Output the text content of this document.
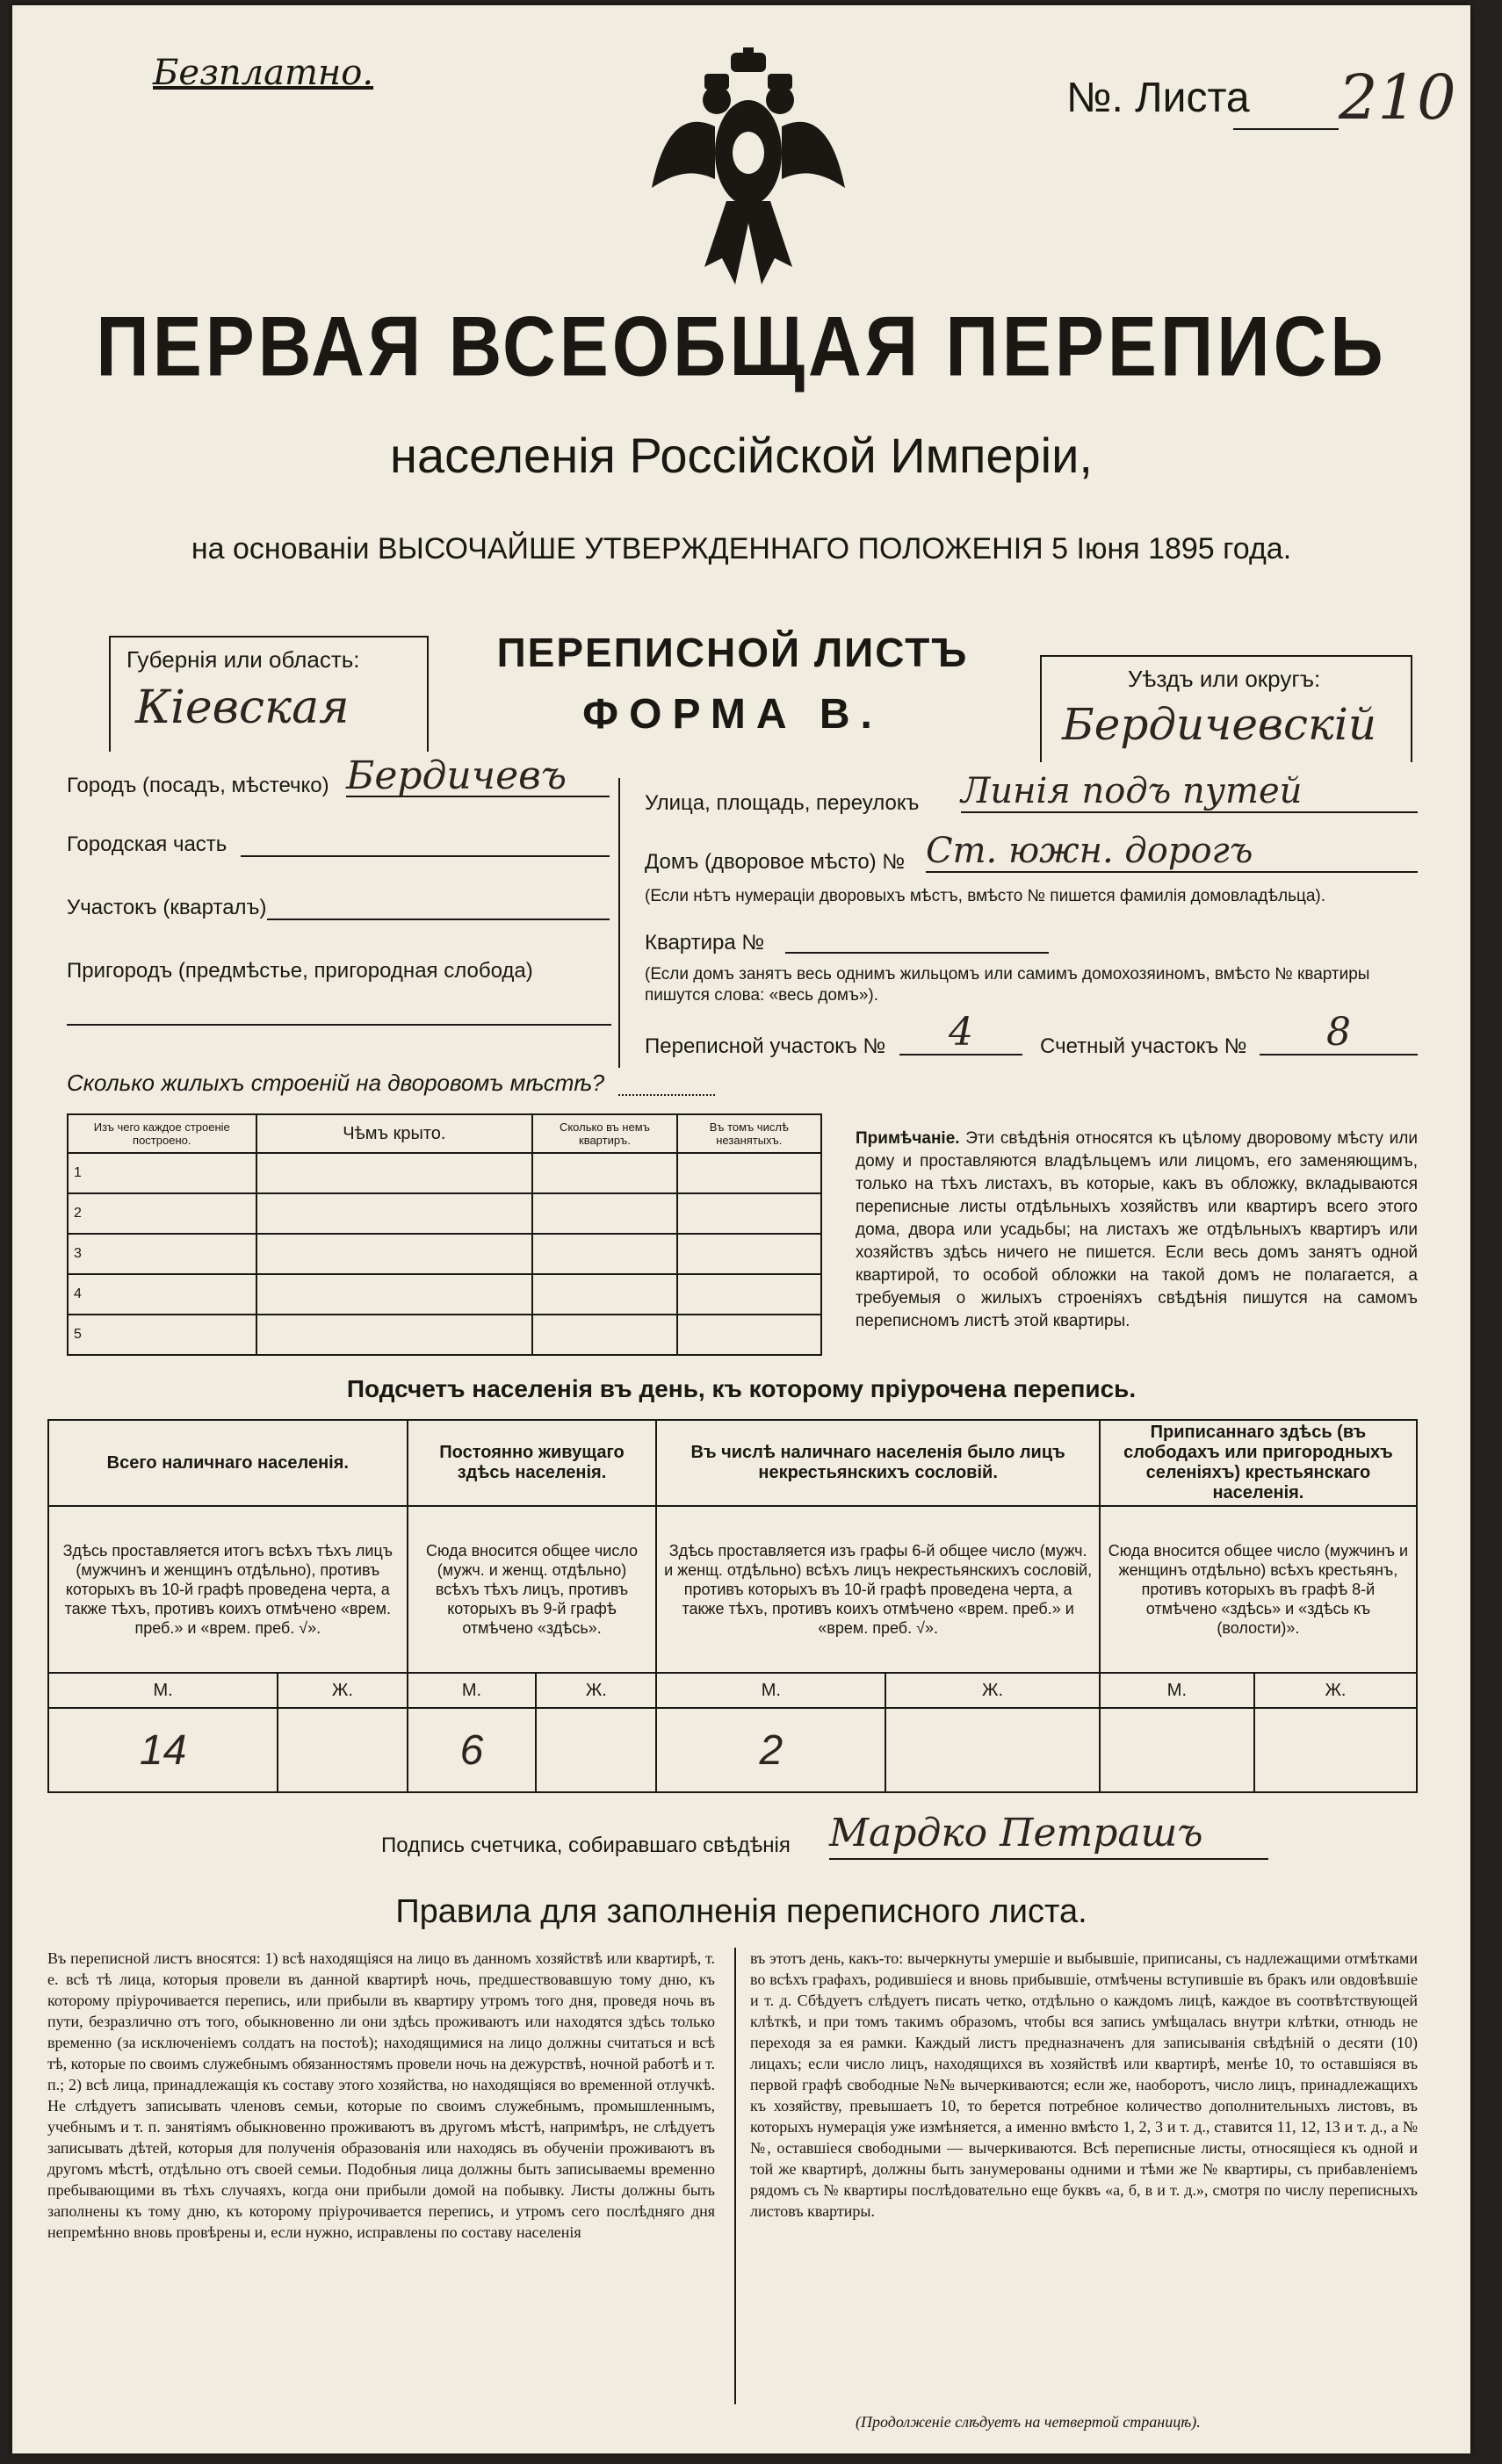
Безплатно.
№. Листа 210
ПЕРВАЯ ВСЕОБЩАЯ ПЕРЕПИСЬ
населенія Россійской Имперіи,
на основаніи ВЫСОЧАЙШЕ УТВЕРЖДЕННАГО ПОЛОЖЕНІЯ 5 Іюня 1895 года.
Губернія или область:
Кіевская
ПЕРЕПИСНОЙ ЛИСТЪ
ФОРМА В.
Уѣздъ или округъ:
Бердичевскій
Городъ (посадъ, мѣстечко) Бердичевъ
Городская часть
Участокъ (кварталъ)
Пригородъ (предмѣстье, пригородная слобода)
Улица, площадь, переулокъ Линія подъ путей
Домъ (дворовое мѣсто) № Ст. южн. дорогъ
(Если нѣтъ нумераціи дворовыхъ мѣстъ, вмѣсто № пишется фамилія домовладѣльца).
Квартира №
(Если домъ занятъ весь однимъ жильцомъ или самимъ домохозяиномъ, вмѣсто № квартиры пишутся слова: «весь домъ»).
Переписной участокъ №	4	Счетный участокъ №	8
Сколько жилыхъ строеній на дворовомъ мѣстѣ?
Изъ чего каждое строеніе построено.	Чѣмъ крыто.	Сколько въ немъ квартиръ.	Въ томъ числѣ незанятыхъ.
1			
2			
3			
4			
5			
Примѣчаніе. Эти свѣдѣнія относятся къ цѣлому дворовому мѣсту или дому и проставляются владѣльцемъ или лицомъ, его заменяющимъ, только на тѣхъ листахъ, въ которые, какъ въ обложку, вкладываются переписные листы отдѣльныхъ хозяйствъ или квартиръ всего этого дома, двора или усадьбы; на листахъ же отдѣльныхъ квартиръ или хозяйствъ здѣсь ничего не пишется. Если весь домъ занятъ одной квартирой, то особой обложки на такой домъ не полагается, а требуемыя о жилыхъ строеніяхъ свѣдѣнія пишутся на самомъ переписномъ листѣ этой квартиры.
Подсчетъ населенія въ день, къ которому пріурочена перепись.
Всего наличнаго населенія.		Постоянно живущаго здѣсь населенія.		Въ числѣ наличнаго населенія было лицъ некрестьянскихъ сословій.		Приписаннаго здѣсь (въ слободахъ или пригородныхъ селеніяхъ) крестьянскаго населенія.	
Здѣсь проставляется итогъ всѣхъ тѣхъ лицъ (мужчинъ и женщинъ отдѣльно), противъ которыхъ въ 10-й графѣ проведена черта, а также тѣхъ, противъ коихъ отмѣчено «врем. преб.» и «врем. преб. √».		Сюда вносится общее число (мужч. и женщ. отдѣльно) всѣхъ тѣхъ лицъ, противъ которыхъ въ 9-й графѣ отмѣчено «здѣсь».		Здѣсь проставляется изъ графы 6-й общее число (мужч. и женщ. отдѣльно) всѣхъ лицъ некрестьянскихъ сословій, противъ которыхъ въ 10-й графѣ проведена черта, а также тѣхъ, противъ коихъ отмѣчено «врем. преб.» и «врем. преб. √».		Сюда вносится общее число (мужчинъ и женщинъ отдѣльно) всѣхъ крестьянъ, противъ которыхъ въ графѣ 8-й отмѣчено «здѣсь» и «здѣсь къ (волости)».	
М.	Ж.	М.	Ж.	М.	Ж.	М.	Ж.
14		6		2			
Подпись счетчика, собиравшаго свѣдѣнія Мардко Петрашъ
Правила для заполненія переписного листа.
Въ переписной листъ вносятся: 1) всѣ находящіяся на лицо въ данномъ хозяйствѣ или квартирѣ, т. е. всѣ тѣ лица, которыя провели въ данной квартирѣ ночь, предшествовавшую тому дню, къ которому пріурочивается перепись, или прибыли въ квартиру утромъ того дня, проведя ночь въ пути, безразлично отъ того, обыкновенно ли они здѣсь проживаютъ или находятся здѣсь только временно (за исключеніемъ солдатъ на постоѣ); находящимися на лицо должны считаться и всѣ тѣ, которые по своимъ служебнымъ обязанностямъ провели ночь на дежурствѣ, ночной работѣ и т. п.; 2) всѣ лица, принадлежащія къ составу этого хозяйства, но находящіяся во временной отлучкѣ. Не слѣдуетъ записывать членовъ семьи, которые по своимъ служебнымъ, промышленнымъ, учебнымъ и т. п. занятіямъ обыкновенно проживаютъ въ другомъ мѣстѣ, напримѣръ, не слѣдуетъ записывать дѣтей, которыя для полученія образованія или находясь въ обученіи проживаютъ въ другомъ мѣстѣ, отдѣльно отъ своей семьи. Подобныя лица должны быть записываемы временно пребывающими въ тѣхъ случаяхъ, когда они прибыли домой на побывку. Листы должны быть заполнены къ тому дню, къ которому пріурочивается перепись, и утромъ сего послѣдняго дня непремѣнно вновь провѣрены и, если нужно, исправлены по составу населенія
въ этотъ день, какъ-то: вычеркнуты умершіе и выбывшіе, приписаны, съ надлежащими отмѣтками во всѣхъ графахъ, родившіеся и вновь прибывшіе, отмѣчены вступившіе въ бракъ или овдовѣвшіе и т. д. Сбѣдуетъ слѣдуетъ писать четко, отдѣльно о каждомъ лицѣ, каждое въ соотвѣтствующей клѣткѣ, и при томъ такимъ образомъ, чтобы вся запись умѣщалась внутри клѣтки, отнюдь не переходя за ея рамки. Каждый листъ предназначенъ для записыванія свѣдѣній о десяти (10) лицахъ; если число лицъ, находящихся въ хозяйствѣ или квартирѣ, менѣе 10, то оставшіяся въ первой графѣ свободные №№ вычеркиваются; если же, наоборотъ, число лицъ, принадлежащихъ къ хозяйству, превышаетъ 10, то берется потребное количество дополнительныхъ листовъ, въ которыхъ нумерація уже измѣняется, а именно вмѣсто 1, 2, 3 и т. д., ставится 11, 12, 13 и т. д., а №№, оставшіеся свободными — вычеркиваются. Всѣ переписные листы, относящіеся къ одной и той же квартирѣ, должны быть занумерованы одними и тѣми же № квартиры, съ прибавленіемъ рядомъ съ № квартиры послѣдовательно еще буквъ «а, б, в и т. д.», смотря по числу переписныхъ листовъ квартиры.
(Продолженіе слѣдуетъ на четвертой страницѣ).
